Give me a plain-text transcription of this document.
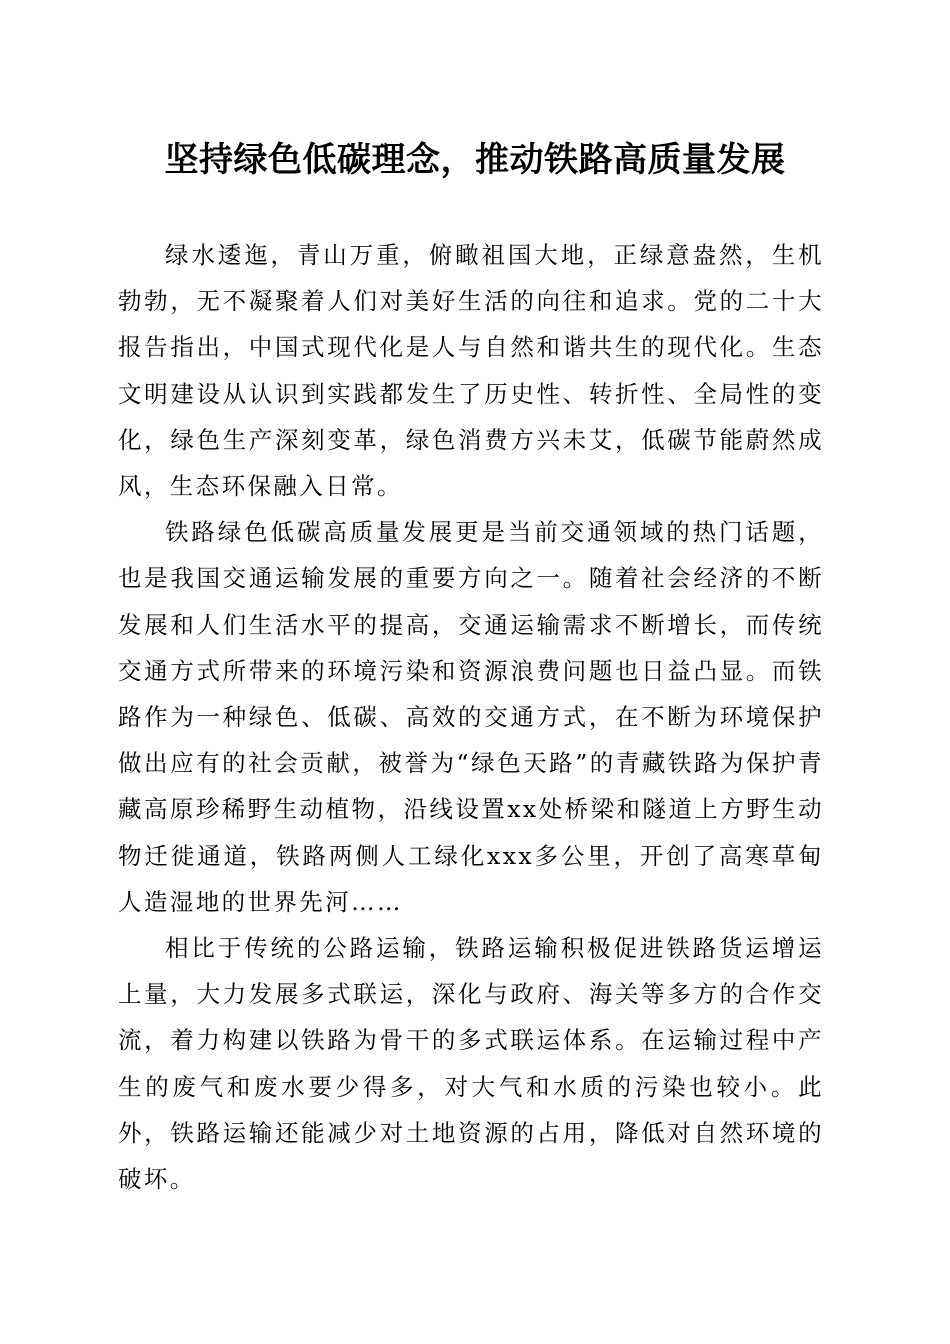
坚持绿色低碳理念，推动铁路高质量发展

绿水逶迤，青山万重，俯瞰祖国大地，正绿意盎然，生机勃勃，无不凝聚着人们对美好生活的向往和追求。党的二十大报告指出，中国式现代化是人与自然和谐共生的现代化。生态文明建设从认识到实践都发生了历史性、转折性、全局性的变化，绿色生产深刻变革，绿色消费方兴未艾，低碳节能蔚然成风，生态环保融入日常。

铁路绿色低碳高质量发展更是当前交通领域的热门话题，也是我国交通运输发展的重要方向之一。随着社会经济的不断发展和人们生活水平的提高，交通运输需求不断增长，而传统交通方式所带来的环境污染和资源浪费问题也日益凸显。而铁路作为一种绿色、低碳、高效的交通方式，在不断为环境保护做出应有的社会贡献，被誉为“绿色天路”的青藏铁路为保护青藏高原珍稀野生动植物，沿线设置xx处桥梁和隧道上方野生动物迁徙通道，铁路两侧人工绿化xxx多公里，开创了高寒草甸人造湿地的世界先河……

相比于传统的公路运输，铁路运输积极促进铁路货运增运上量，大力发展多式联运，深化与政府、海关等多方的合作交流，着力构建以铁路为骨干的多式联运体系。在运输过程中产生的废气和废水要少得多，对大气和水质的污染也较小。此外，铁路运输还能减少对土地资源的占用，降低对自然环境的破坏。
